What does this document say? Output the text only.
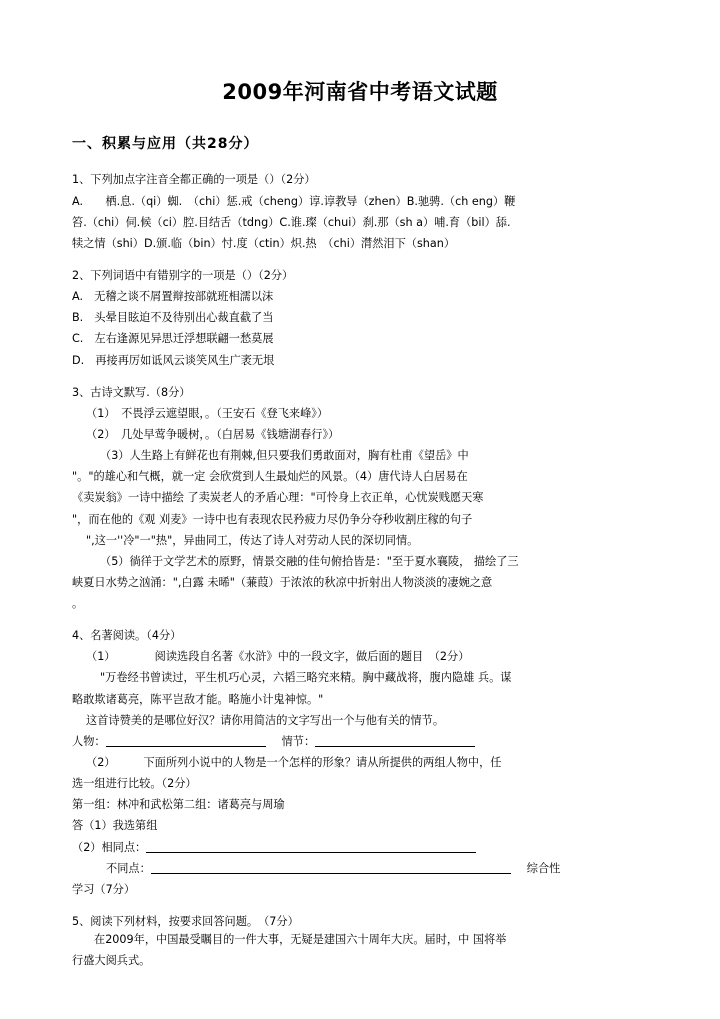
2009年河南省中考语文试题
一、积累与应用（共28分）
1、下列加点字注音全都正确的一项是（）（2分）
A.　　栖.息.（qi）蜘.　（chi）惩.戒（cheng）谆.谆教导（zhen）B.驰骋.（ch eng）鞭
笞.（chi）伺.候（ci）腔.目结舌（tdng）C.谁.璨（chui）刹.那（sh a）哺.育（bil）舔.
犊之情（shi）D.颁.临（bin）忖.度（ctin）炽.热　（chi）潸然泪下（shan）
2、下列词语中有错别字的一项是（）（2分）
A.　无稽之谈不屑置辩按部就班相濡以沫
B.　头晕目眩迫不及待别出心裁直截了当
C.　左右逢源见异思迁浮想联翩一愁莫展
D.　再接再厉如诋风云谈笑风生广袤无垠
3、古诗文默写.（8分）
（1）　不畏浮云遮望眼，。（王安石《登飞来峰》）
（2）　几处早莺争暖树，。（白居易《钱塘湖春行》）
（3）人生路上有鲜花也有荆棘,但只要我们勇敢面对，胸有杜甫《望岳》中
"。"的雄心和气概，就一定 会欣赏到人生最灿烂的风景。（4）唐代诗人白居易在
《卖炭翁》一诗中描绘 了卖炭老人的矛盾心理："可怜身上衣正单，心忧炭贱愿天寒
"，而在他的《观 刈麦》一诗中也有表现农民矜疲力尽仍争分夺秒收割庄稼的句子
",这一''冷"一"热"，异曲同工，传达了诗人对劳动人民的深切同情。
（5）徜徉于文学艺术的原野，情景交融的佳句俯拾皆是："至于夏水襄陵， 描绘了三
峡夏日水势之汹涌：",白露 未晞"（蒹葭）于浓浓的秋凉中折射出人物淡淡的凄婉之意
。
4、名著阅读。（4分）
（1）　　　　阅读选段自名著《水浒》中的一段文字，做后面的题目　（2分）
"万卷经书曾读过，平生机巧心灵，六韬三略究来精。胸中藏战将，腹内隐雄 兵。谋
略敢欺诸葛亮，陈平岂敌才能。略施小计鬼神惊。"
这首诗赞美的是哪位好汉？请你用简洁的文字写出一个与他有关的情节。
人物：	情节：
（2）　　　下面所列小说中的人物是一个怎样的形象？请从所提供的两组人物中，任
选一组进行比较。（2分）
第一组：林冲和武松第二组：诸葛亮与周瑜
答（1）我选第组
（2）相同点：
不同点：	综合性
学习（7分）
5、阅读下列材料，按要求回答问题。　（7分）
在2009年，中国最受瞩目的一件大事，无疑是建国六十周年大庆。届时，中 国将举
行盛大阅兵式。
